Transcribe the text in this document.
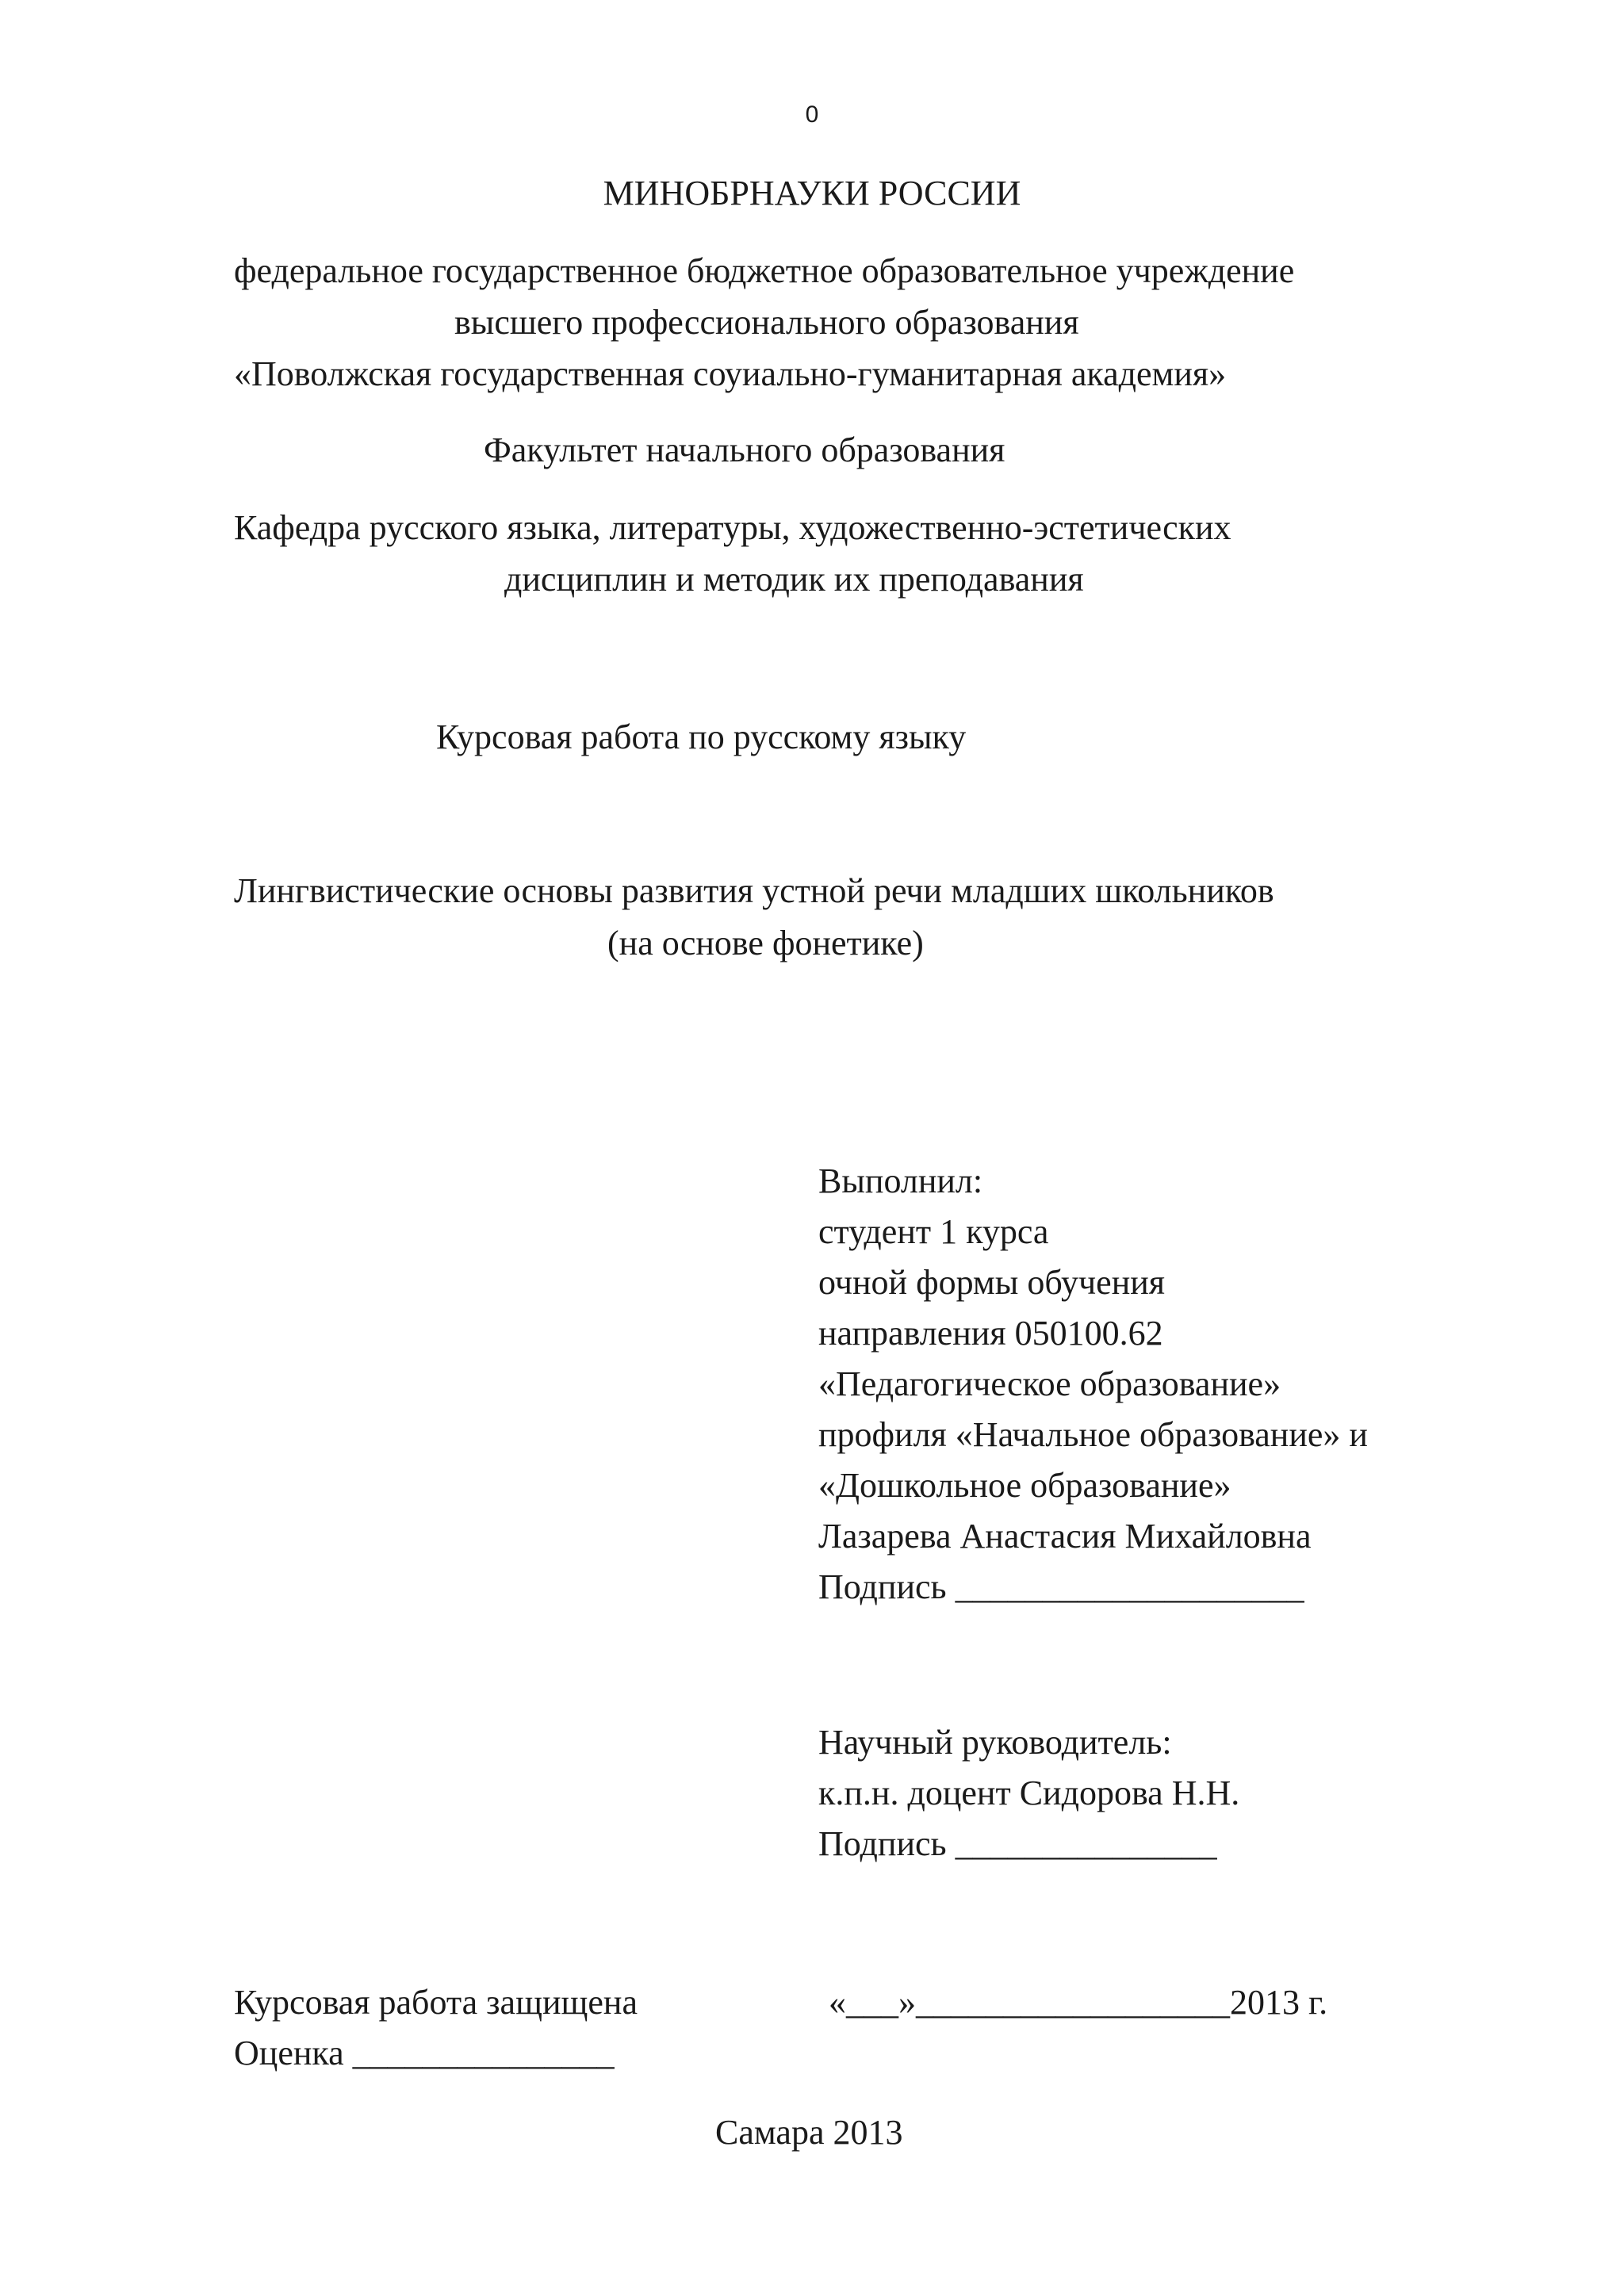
0
МИНОБРНАУКИ РОССИИ
федеральное государственное бюджетное образовательное учреждение
высшего профессионального образования
«Поволжская государственная соуиально-гуманитарная академия»
Факультет начального образования
Кафедра русского языка, литературы, художественно-эстетических
дисциплин и методик их преподавания
Курсовая работа по русскому языку
Лингвистические основы развития устной речи младших школьников
(на основе фонетике)
Выполнил:
студент 1 курса
очной формы обучения
направления 050100.62
«Педагогическое образование»
профиля «Начальное образование» и
«Дошкольное образование»
Лазарева Анастасия Михайловна
Подпись ____________________
Научный руководитель:
к.п.н. доцент Сидорова Н.Н.
Подпись _______________
Курсовая работа защищена	«___»__________________2013 г.
Оценка _______________
Самара 2013
